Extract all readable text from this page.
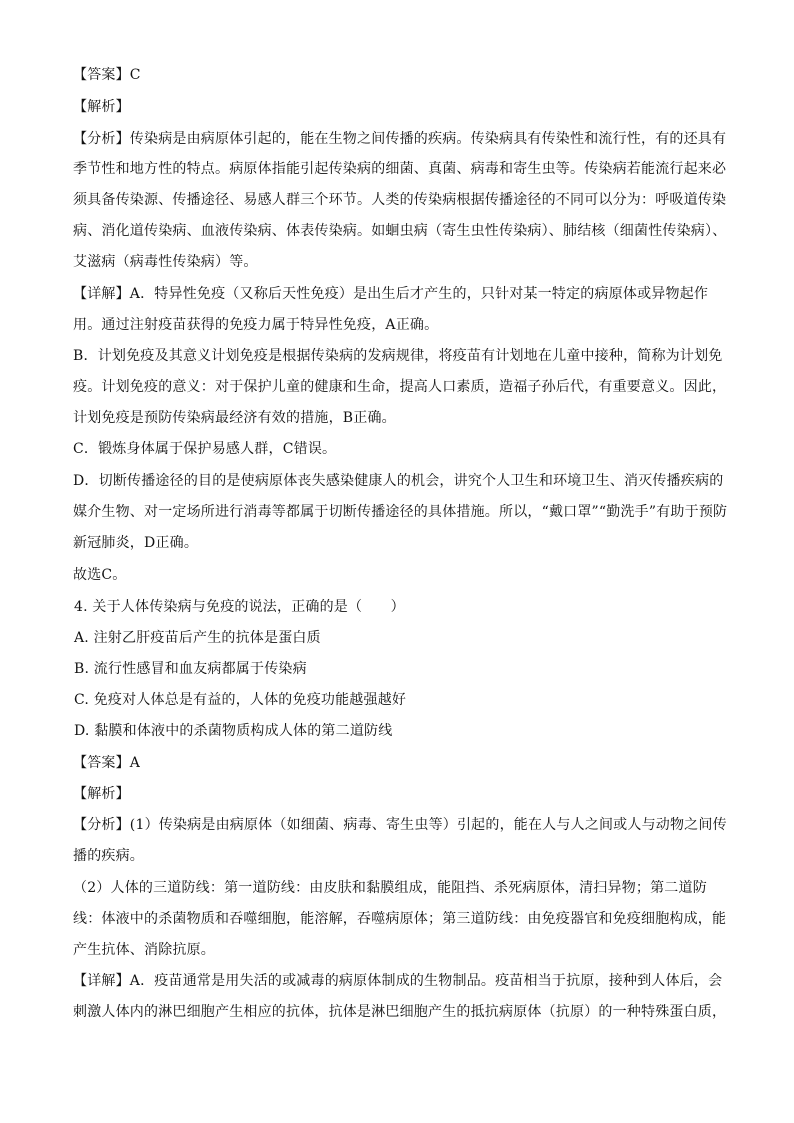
【答案】C
【解析】
【分析】传染病是由病原体引起的，能在生物之间传播的疾病。传染病具有传染性和流行性，有的还具有
季节性和地方性的特点。病原体指能引起传染病的细菌、真菌、病毒和寄生虫等。传染病若能流行起来必
须具备传染源、传播途径、易感人群三个环节。人类的传染病根据传播途径的不同可以分为：呼吸道传染
病、消化道传染病、血液传染病、体表传染病。如蛔虫病（寄生虫性传染病）、肺结核（细菌性传染病）、
艾滋病（病毒性传染病）等。
【详解】A．特异性免疫（又称后天性免疫）是出生后才产生的，只针对某一特定的病原体或异物起作
用。通过注射疫苗获得的免疫力属于特异性免疫，A正确。
B．计划免疫及其意义计划免疫是根据传染病的发病规律，将疫苗有计划地在儿童中接种，简称为计划免
疫。计划免疫的意义：对于保护儿童的健康和生命，提高人口素质，造福子孙后代，有重要意义。因此，
计划免疫是预防传染病最经济有效的措施，B正确。
C．锻炼身体属于保护易感人群，C错误。
D．切断传播途径的目的是使病原体丧失感染健康人的机会，讲究个人卫生和环境卫生、消灭传播疾病的
媒介生物、对一定场所进行消毒等都属于切断传播途径的具体措施。所以，“戴口罩”“勤洗手”有助于预防
新冠肺炎，D正确。
故选C。
4. 关于人体传染病与免疫的说法，正确的是（　　）
A. 注射乙肝疫苗后产生的抗体是蛋白质
B. 流行性感冒和血友病都属于传染病
C. 免疫对人体总是有益的，人体的免疫功能越强越好
D. 黏膜和体液中的杀菌物质构成人体的第二道防线
【答案】A
【解析】
【分析】(1）传染病是由病原体（如细菌、病毒、寄生虫等）引起的，能在人与人之间或人与动物之间传
播的疾病。
（2）人体的三道防线：第一道防线：由皮肤和黏膜组成，能阻挡、杀死病原体，清扫异物；第二道防
线：体液中的杀菌物质和吞噬细胞，能溶解，吞噬病原体；第三道防线：由免疫器官和免疫细胞构成，能
产生抗体、消除抗原。
【详解】A．疫苗通常是用失活的或减毒的病原体制成的生物制品。疫苗相当于抗原，接种到人体后，会
刺激人体内的淋巴细胞产生相应的抗体，抗体是淋巴细胞产生的抵抗病原体（抗原）的一种特殊蛋白质，
